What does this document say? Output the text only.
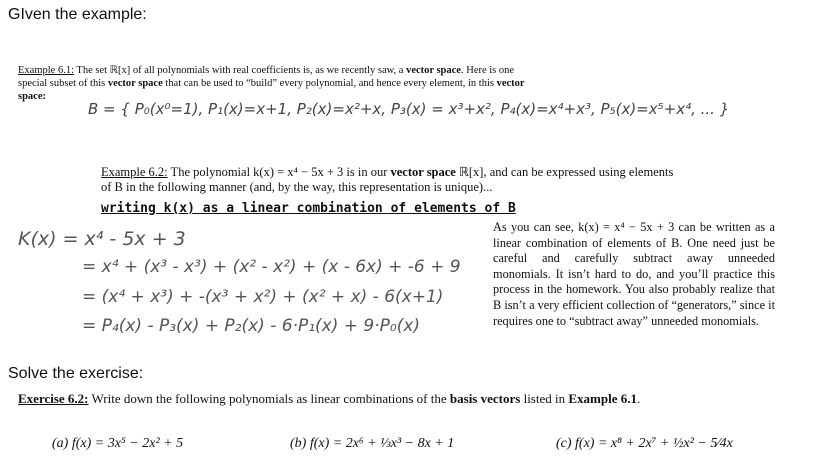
GIven the example:
Example 6.1: The set ℝ[x] of all polynomials with real coefficients is, as we recently saw, a vector space. Here is one
special subset of this vector space that can be used to “build” every polynomial, and hence every element, in this vector
space:
B = { P₀(x⁰=1), P₁(x)=x+1, P₂(x)=x²+x, P₃(x) = x³+x², P₄(x)=x⁴+x³, P₅(x)=x⁵+x⁴, ... }
Example 6.2: The polynomial k(x) = x⁴ − 5x + 3 is in our vector space ℝ[x], and can be expressed using elements
of B in the following manner (and, by the way, this representation is unique)...
writing k(x) as a linear combination of elements of B
K(x) = x⁴ - 5x + 3
= x⁴ + (x³ - x³) + (x² - x²) + (x - 6x) + -6 + 9
= (x⁴ + x³) + -(x³ + x²) + (x² + x) - 6(x+1)
= P₄(x) - P₃(x) + P₂(x) - 6·P₁(x) + 9·P₀(x)
As you can see, k(x) = x⁴ − 5x + 3 can be written as a linear combination of elements of B. One need just be careful and carefully subtract away unneeded monomials. It isn’t hard to do, and you’ll practice this process in the homework. You also probably realize that B isn’t a very efficient collection of “generators,” since it requires one to “subtract away” unneeded monomials.
Solve the exercise:
Exercise 6.2: Write down the following polynomials as linear combinations of the basis vectors listed in Example 6.1.
(a) f(x) = 3x⁵ − 2x² + 5	(b) f(x) = 2x⁶ + ⅓x³ − 8x + 1	(c) f(x) = x⁸ + 2x⁷ + ½x² − 5⁄4x
